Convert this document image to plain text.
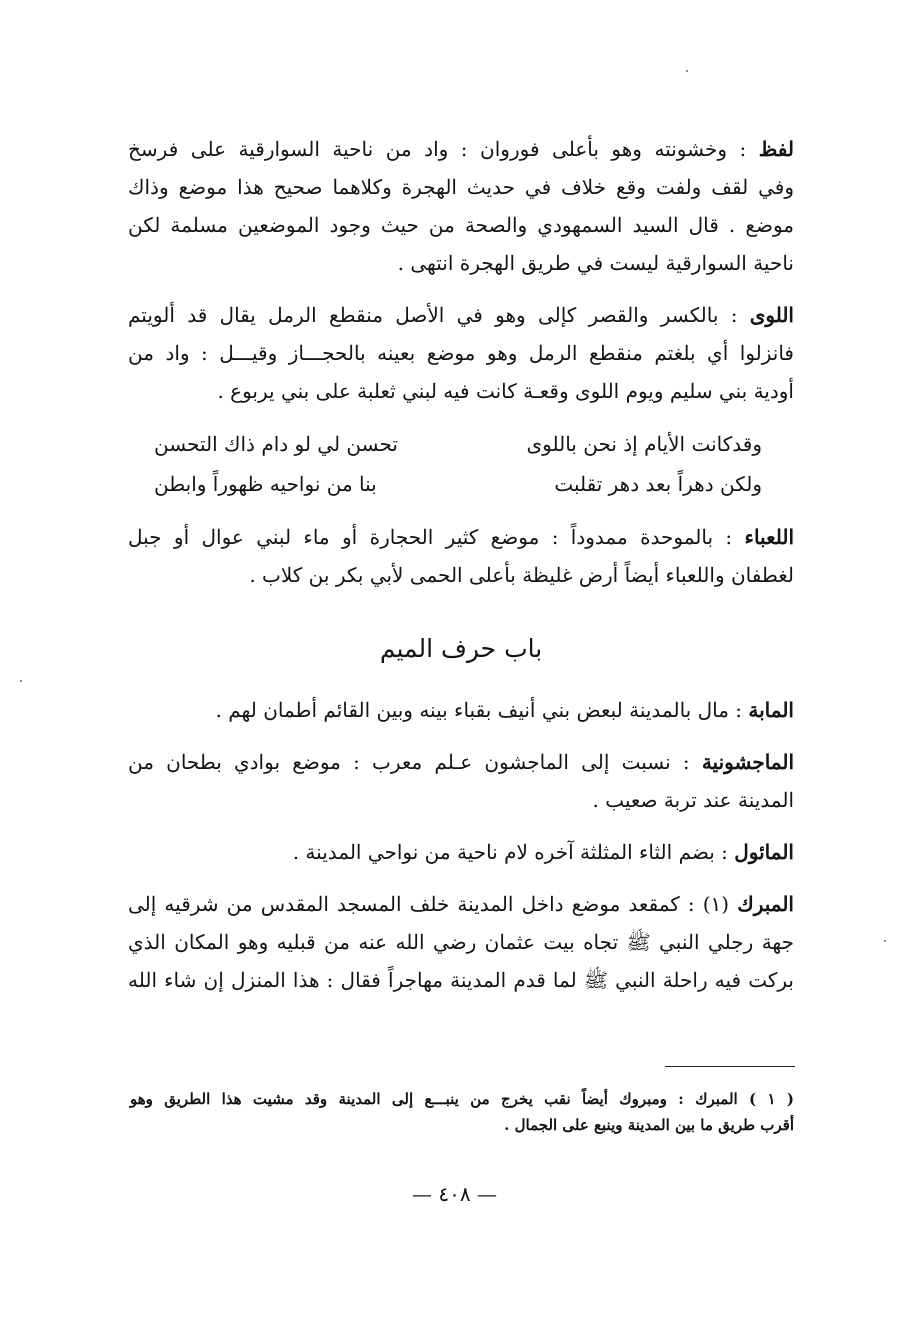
لفظ : وخشونته وهو بأعلى فوروان : واد من ناحية السوارقية على فرسخ
وفي لقف ولفت وقع خلاف في حديث الهجرة وكلاهما صحيح هذا موضع وذاك
موضع . قال السيد السمهودي والصحة من حيث وجود الموضعين مسلمة لكن
ناحية السوارقية ليست في طريق الهجرة انتهى .

اللوى : بالكسر والقصر كإلى وهو في الأصل منقطع الرمل يقال قد ألويتم
فانزلوا أي بلغتم منقطع الرمل وهو موضع بعينه بالحجـــاز وقيـــل : واد من
أودية بني سليم ويوم اللوى وقعـة كانت فيه لبني ثعلبة على بني يربوع .

وقدكانت الأيام إذ نحن باللوى
تحسن لي لو دام ذاك التحسن
ولكن دهراً بعد دهر تقلبت
بنا من نواحيه ظهوراً وابطن

اللعباء : بالموحدة ممدوداً : موضع كثير الحجارة أو ماء لبني عوال أو جبل
لغطفان واللعباء أيضاً أرض غليظة بأعلى الحمى لأبي بكر بن كلاب .

باب حرف الميم

المابة : مال بالمدينة لبعض بني أنيف بقباء بينه وبين القائم أطمان لهم .

الماجشونية : نسبت إلى الماجشون عـلم معرب : موضع بوادي بطحان من
المدينة عند تربة صعيب .

المائول : بضم الثاء المثلثة آخره لام ناحية من نواحي المدينة .

المبرك (١) : كمقعد موضع داخل المدينة خلف المسجد المقدس من شرقيه إلى
جهة رجلي النبي ﷺ تجاه بيت عثمان رضي الله عنه من قبليه وهو المكان الذي
بركت فيه راحلة النبي ﷺ لما قدم المدينة مهاجراً فقال : هذا المنزل إن شاء الله

( ١ ) المبرك : ومبروك أيضاً نقب يخرج من ينبـــع إلى المدينة وقد مشيت هذا الطريق وهو
أقرب طريق ما بين المدينة وينبع على الجمال .
— ٤٠٨ —
